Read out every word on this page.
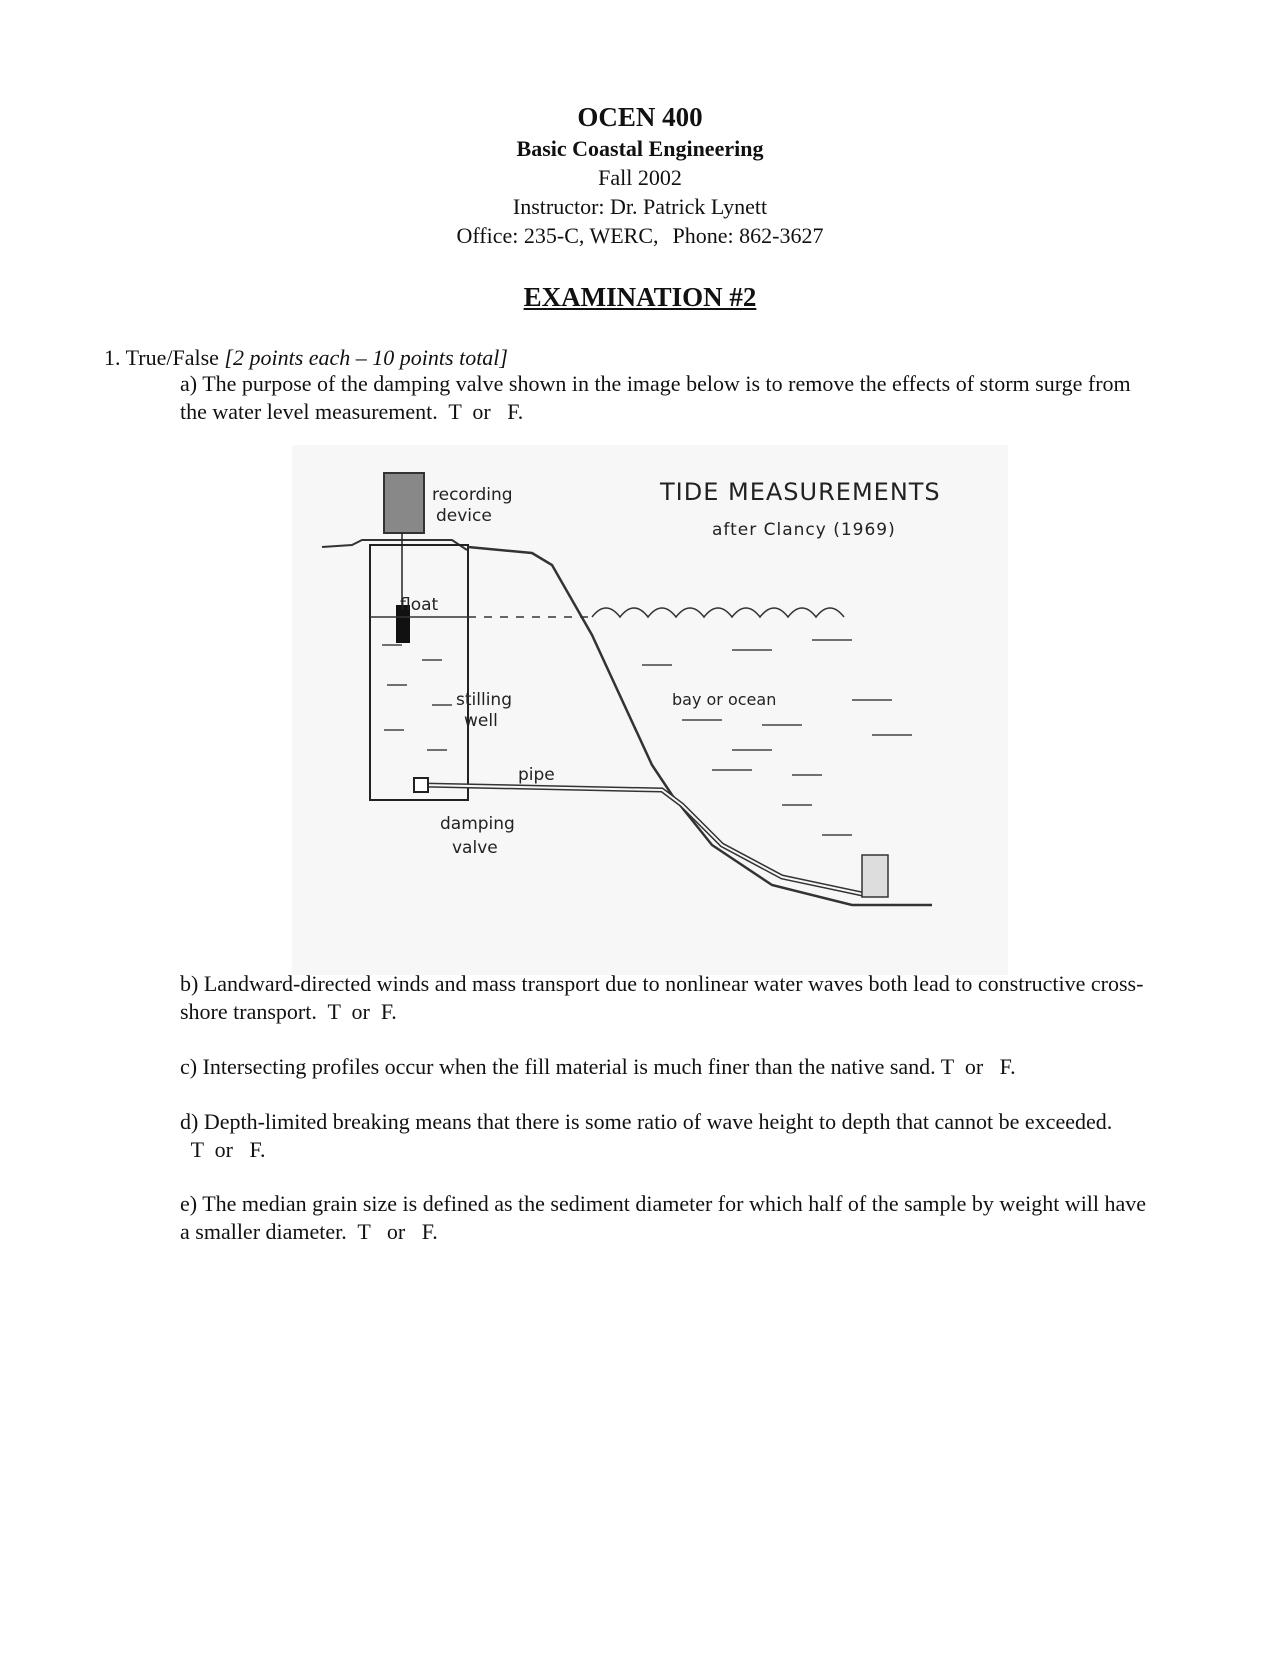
OCEN 400
Basic Coastal Engineering
Fall 2002
Instructor: Dr. Patrick Lynett
Office: 235-C, WERC, Phone: 862-3627
EXAMINATION #2
1. True/False [2 points each – 10 points total]
a) The purpose of the damping valve shown in the image below is to remove the effects of storm surge from the water level measurement.  T  or   F.
recording
device
float
stilling
well
pipe
damping
valve
bay or ocean
TIDE MEASUREMENTS
after Clancy (1969)
b) Landward-directed winds and mass transport due to nonlinear water waves both lead to constructive cross-shore transport.  T  or  F.
c) Intersecting profiles occur when the fill material is much finer than the native sand. T  or   F.
d) Depth-limited breaking means that there is some ratio of wave height to depth that cannot be exceeded.  T  or   F.
e) The median grain size is defined as the sediment diameter for which half of the sample by weight will have a smaller diameter.  T   or   F.
